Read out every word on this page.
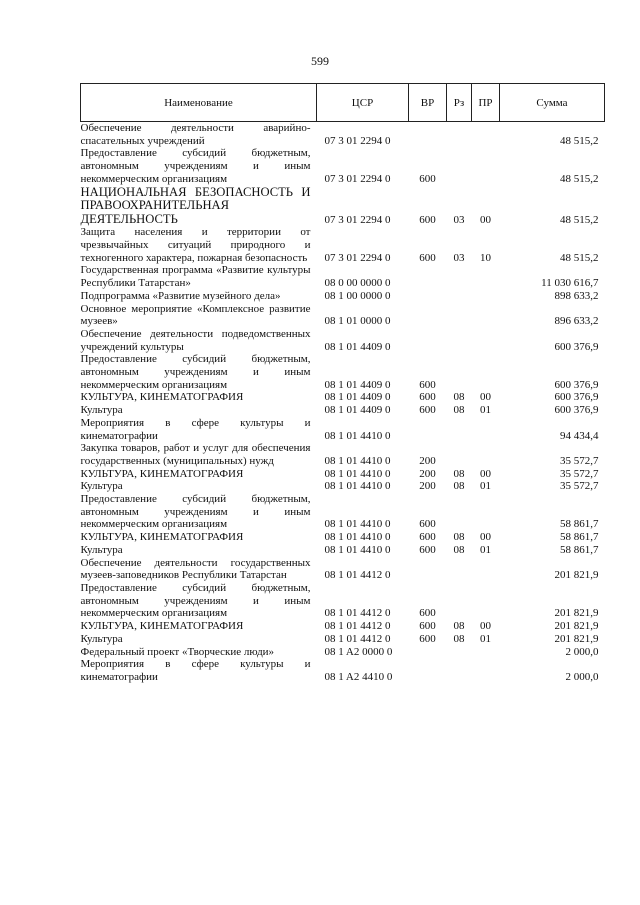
599
Наименование	ЦСР	ВР	Рз	ПР	Сумма
Обеспечение деятельности аварийно-спасательных учреждений	07 3 01 2294 0				48 515,2
Предоставление субсидий бюджетным, автономным учреждениям и иным некоммерческим организациям	07 3 01 2294 0	600			48 515,2
НАЦИОНАЛЬНАЯ БЕЗОПАСНОСТЬ И ПРАВООХРАНИТЕЛЬНАЯ ДЕЯТЕЛЬНОСТЬ	07 3 01 2294 0	600	03	00	48 515,2
Защита населения и территории от чрезвычайных ситуаций природного и техногенного характера, пожарная безопасность	07 3 01 2294 0	600	03	10	48 515,2
Государственная программа «Развитие культуры Республики Татарстан»	08 0 00 0000 0				11 030 616,7
Подпрограмма «Развитие музейного дела»	08 1 00 0000 0				898 633,2
Основное мероприятие «Комплексное развитие музеев»	08 1 01 0000 0				896 633,2
Обеспечение деятельности подведомственных учреждений культуры	08 1 01 4409 0				600 376,9
Предоставление субсидий бюджетным, автономным учреждениям и иным некоммерческим организациям	08 1 01 4409 0	600			600 376,9
КУЛЬТУРА, КИНЕМАТОГРАФИЯ	08 1 01 4409 0	600	08	00	600 376,9
Культура	08 1 01 4409 0	600	08	01	600 376,9
Мероприятия в сфере культуры и кинематографии	08 1 01 4410 0				94 434,4
Закупка товаров, работ и услуг для обеспечения государственных (муниципальных) нужд	08 1 01 4410 0	200			35 572,7
КУЛЬТУРА, КИНЕМАТОГРАФИЯ	08 1 01 4410 0	200	08	00	35 572,7
Культура	08 1 01 4410 0	200	08	01	35 572,7
Предоставление субсидий бюджетным, автономным учреждениям и иным некоммерческим организациям	08 1 01 4410 0	600			58 861,7
КУЛЬТУРА, КИНЕМАТОГРАФИЯ	08 1 01 4410 0	600	08	00	58 861,7
Культура	08 1 01 4410 0	600	08	01	58 861,7
Обеспечение деятельности государственных музеев-заповедников Республики Татарстан	08 1 01 4412 0				201 821,9
Предоставление субсидий бюджетным, автономным учреждениям и иным некоммерческим организациям	08 1 01 4412 0	600			201 821,9
КУЛЬТУРА, КИНЕМАТОГРАФИЯ	08 1 01 4412 0	600	08	00	201 821,9
Культура	08 1 01 4412 0	600	08	01	201 821,9
Федеральный проект «Творческие люди»	08 1 A2 0000 0				2 000,0
Мероприятия в сфере культуры и кинематографии	08 1 A2 4410 0				2 000,0
